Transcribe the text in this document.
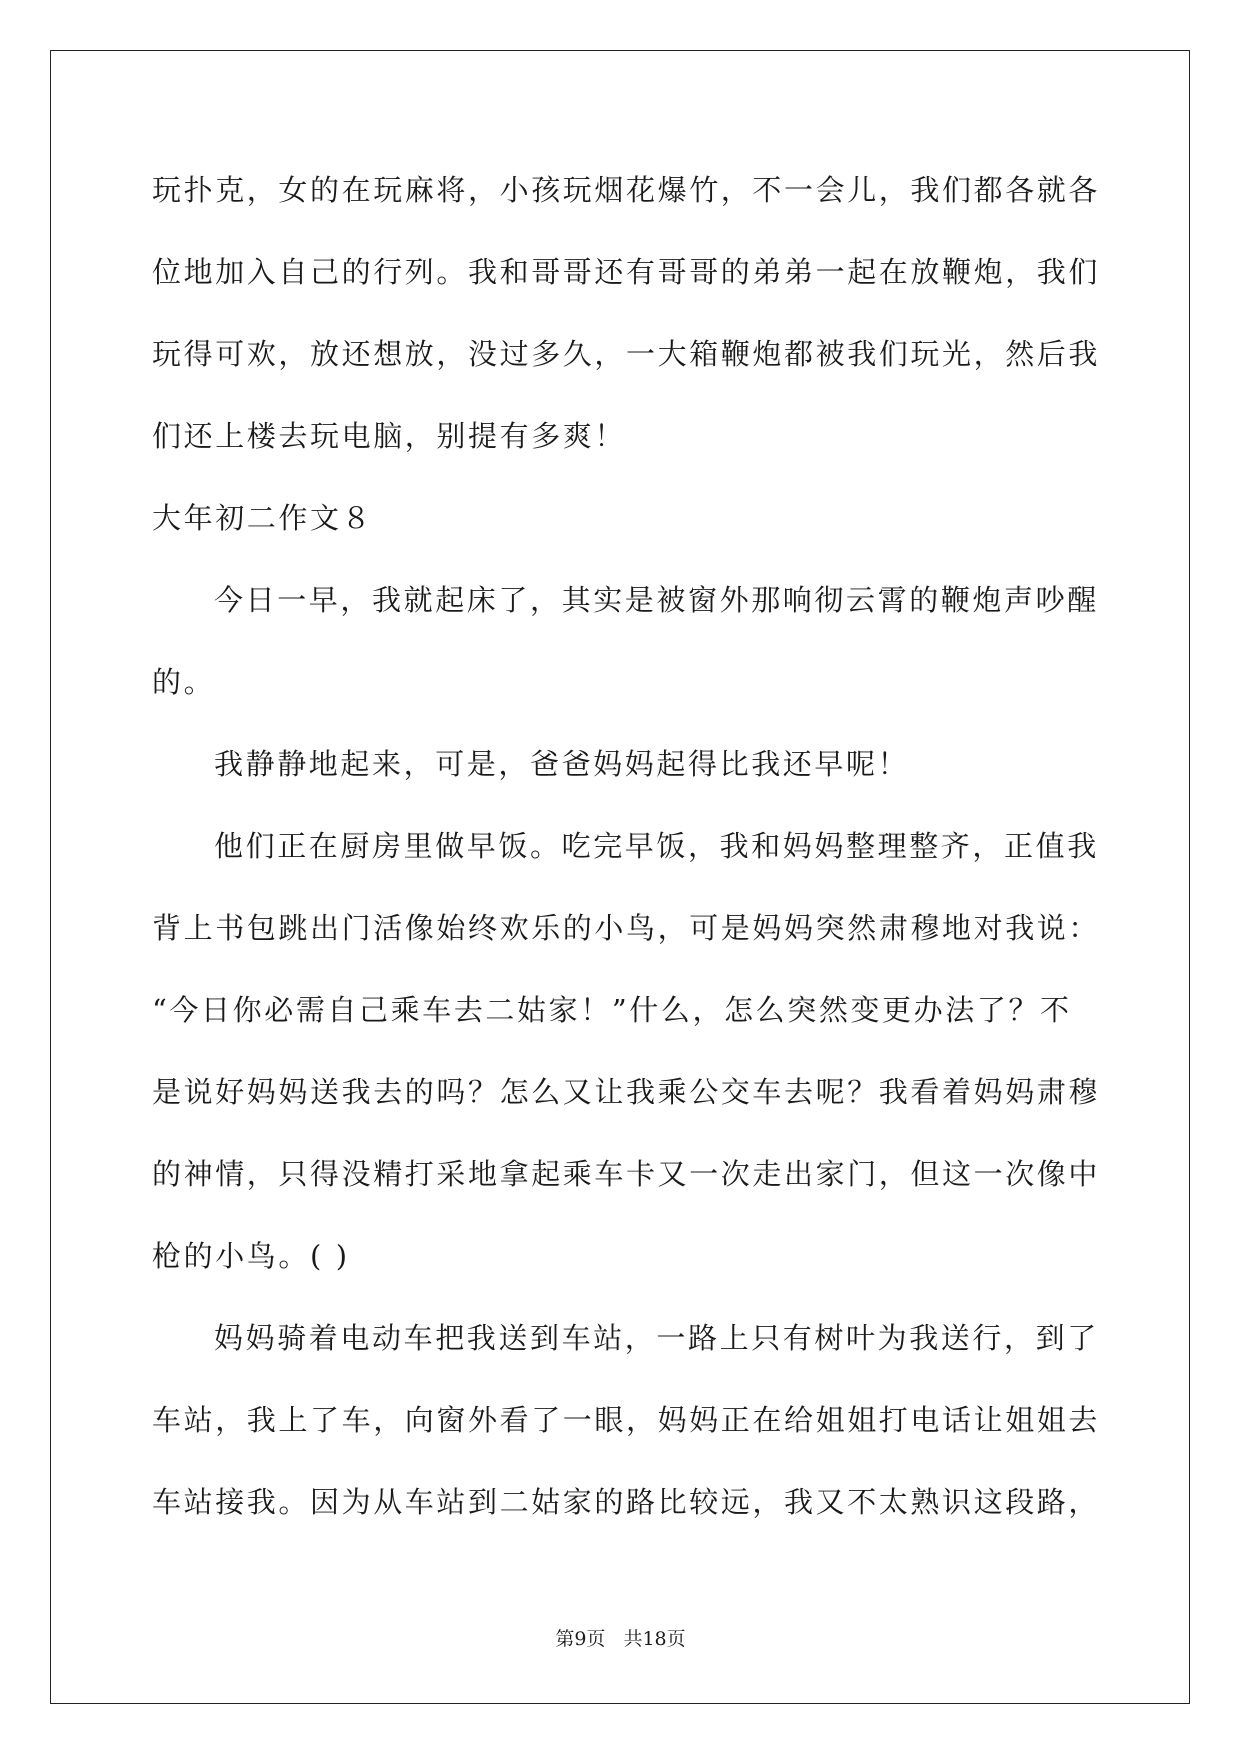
玩扑克，女的在玩麻将，小孩玩烟花爆竹，不一会儿，我们都各就各
位地加入自己的行列。我和哥哥还有哥哥的弟弟一起在放鞭炮，我们
玩得可欢，放还想放，没过多久，一大箱鞭炮都被我们玩光，然后我
们还上楼去玩电脑，别提有多爽！
大年初二作文８
今日一早，我就起床了，其实是被窗外那响彻云霄的鞭炮声吵醒
的。
我静静地起来，可是，爸爸妈妈起得比我还早呢！
他们正在厨房里做早饭。吃完早饭，我和妈妈整理整齐，正值我
背上书包跳出门活像始终欢乐的小鸟，可是妈妈突然肃穆地对我说：
“今日你必需自己乘车去二姑家！”什么，怎么突然变更办法了？不
是说好妈妈送我去的吗？怎么又让我乘公交车去呢？我看着妈妈肃穆
的神情，只得没精打采地拿起乘车卡又一次走出家门，但这一次像中
枪的小鸟。( )
妈妈骑着电动车把我送到车站，一路上只有树叶为我送行，到了
车站，我上了车，向窗外看了一眼，妈妈正在给姐姐打电话让姐姐去
车站接我。因为从车站到二姑家的路比较远，我又不太熟识这段路，
第9页 共18页
